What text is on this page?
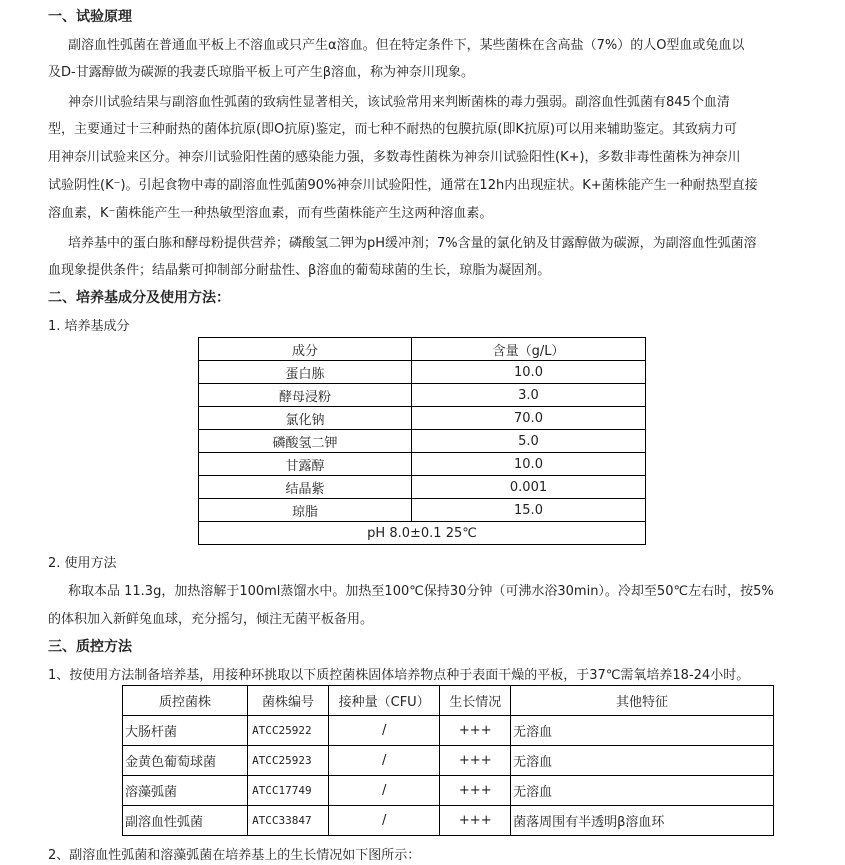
一、试验原理
副溶血性弧菌在普通血平板上不溶血或只产生α溶血。但在特定条件下，某些菌株在含高盐（7%）的人O型血或兔血以
及D-甘露醇做为碳源的我妻氏琼脂平板上可产生β溶血，称为神奈川现象。
神奈川试验结果与副溶血性弧菌的致病性显著相关，该试验常用来判断菌株的毒力强弱。副溶血性弧菌有845个血清
型，主要通过十三种耐热的菌体抗原(即O抗原)鉴定，而七种不耐热的包膜抗原(即K抗原)可以用来辅助鉴定。其致病力可
用神奈川试验来区分。神奈川试验阳性菌的感染能力强，多数毒性菌株为神奈川试验阳性(K+)，多数非毒性菌株为神奈川
试验阴性(K⁻)。引起食物中毒的副溶血性弧菌90%神奈川试验阳性，通常在12h内出现症状。K+菌株能产生一种耐热型直接
溶血素，K⁻菌株能产生一种热敏型溶血素，而有些菌株能产生这两种溶血素。
培养基中的蛋白胨和酵母粉提供营养；磷酸氢二钾为pH缓冲剂；7%含量的氯化钠及甘露醇做为碳源，为副溶血性弧菌溶
血现象提供条件；结晶紫可抑制部分耐盐性、β溶血的葡萄球菌的生长，琼脂为凝固剂。
二、培养基成分及使用方法：
1. 培养基成分
成分	含量（g/L）
蛋白胨	10.0
酵母浸粉	3.0
氯化钠	70.0
磷酸氢二钾	5.0
甘露醇	10.0
结晶紫	0.001
琼脂	15.0
pH 8.0±0.1 25℃	
2. 使用方法
称取本品 11.3g，加热溶解于100ml蒸馏水中。加热至100℃保持30分钟（可沸水浴30min）。冷却至50℃左右时，按5%
的体积加入新鲜兔血球，充分摇匀，倾注无菌平板备用。
三、质控方法
1、按使用方法制备培养基，用接种环挑取以下质控菌株固体培养物点种于表面干燥的平板，于37℃需氧培养18-24小时。
质控菌株	菌株编号	接种量（CFU）	生长情况	其他特征
大肠杆菌	ATCC25922	/	+++	无溶血
金黄色葡萄球菌	ATCC25923	/	+++	无溶血
溶藻弧菌	ATCC17749	/	+++	无溶血
副溶血性弧菌	ATCC33847	/	+++	菌落周围有半透明β溶血环
2、副溶血性弧菌和溶藻弧菌在培养基上的生长情况如下图所示：
